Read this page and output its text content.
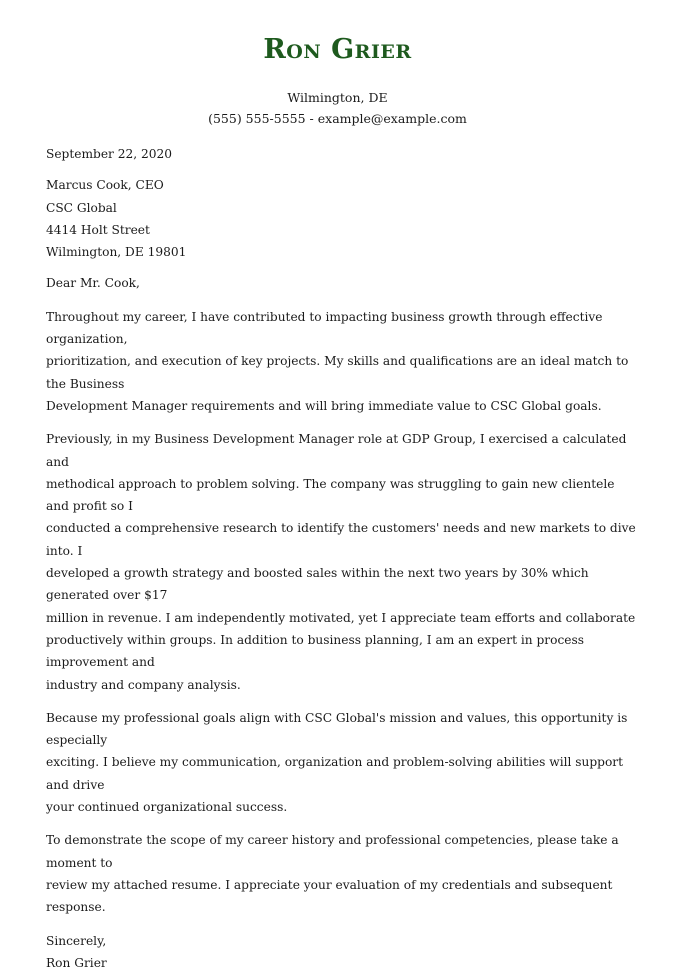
Ron Grier
Wilmington, DE
(555) 555-5555 - example@example.com

September 22, 2020

Marcus Cook, CEO

CSC Global

4414 Holt Street

Wilmington, DE 19801

Dear Mr. Cook,

Throughout my career, I have contributed to impacting business growth through effective organization,

prioritization, and execution of key projects. My skills and qualifications are an ideal match to the Business

Development Manager requirements and will bring immediate value to CSC Global goals.

Previously, in my Business Development Manager role at GDP Group, I exercised a calculated and

methodical approach to problem solving. The company was struggling to gain new clientele and profit so I

conducted a comprehensive research to identify the customers' needs and new markets to dive into. I

developed a growth strategy and boosted sales within the next two years by 30% which generated over $17

million in revenue. I am independently motivated, yet I appreciate team efforts and collaborate

productively within groups. In addition to business planning, I am an expert in process improvement and

industry and company analysis.

Because my professional goals align with CSC Global's mission and values, this opportunity is especially

exciting. I believe my communication, organization and problem-solving abilities will support and drive

your continued organizational success.

To demonstrate the scope of my career history and professional competencies, please take a moment to

review my attached resume. I appreciate your evaluation of my credentials and subsequent response.

Sincerely,

Ron Grier
